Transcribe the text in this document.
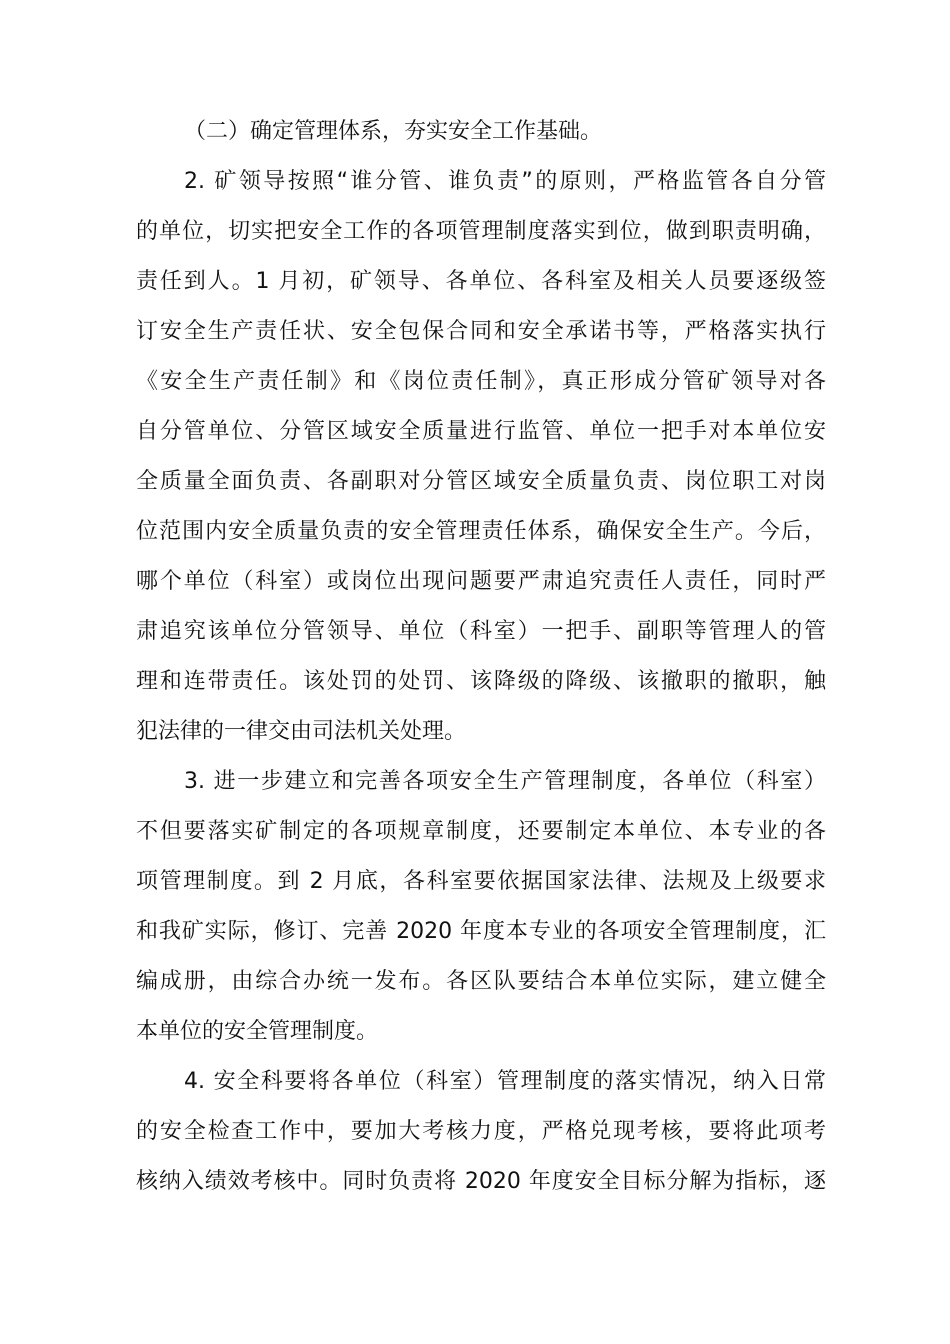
（二）确定管理体系，夯实安全工作基础。
2. 矿领导按照“谁分管、谁负责”的原则，严格监管各自分管
的单位，切实把安全工作的各项管理制度落实到位，做到职责明确，
责任到人。1 月初，矿领导、各单位、各科室及相关人员要逐级签
订安全生产责任状、安全包保合同和安全承诺书等，严格落实执行
《安全生产责任制》和《岗位责任制》，真正形成分管矿领导对各
自分管单位、分管区域安全质量进行监管、单位一把手对本单位安
全质量全面负责、各副职对分管区域安全质量负责、岗位职工对岗
位范围内安全质量负责的安全管理责任体系，确保安全生产。今后，
哪个单位（科室）或岗位出现问题要严肃追究责任人责任，同时严
肃追究该单位分管领导、单位（科室）一把手、副职等管理人的管
理和连带责任。该处罚的处罚、该降级的降级、该撤职的撤职，触
犯法律的一律交由司法机关处理。
3. 进一步建立和完善各项安全生产管理制度，各单位（科室）
不但要落实矿制定的各项规章制度，还要制定本单位、本专业的各
项管理制度。到 2 月底，各科室要依据国家法律、法规及上级要求
和我矿实际，修订、完善 2020 年度本专业的各项安全管理制度，汇
编成册，由综合办统一发布。各区队要结合本单位实际，建立健全
本单位的安全管理制度。
4. 安全科要将各单位（科室）管理制度的落实情况，纳入日常
的安全检查工作中，要加大考核力度，严格兑现考核，要将此项考
核纳入绩效考核中。同时负责将 2020 年度安全目标分解为指标，逐
